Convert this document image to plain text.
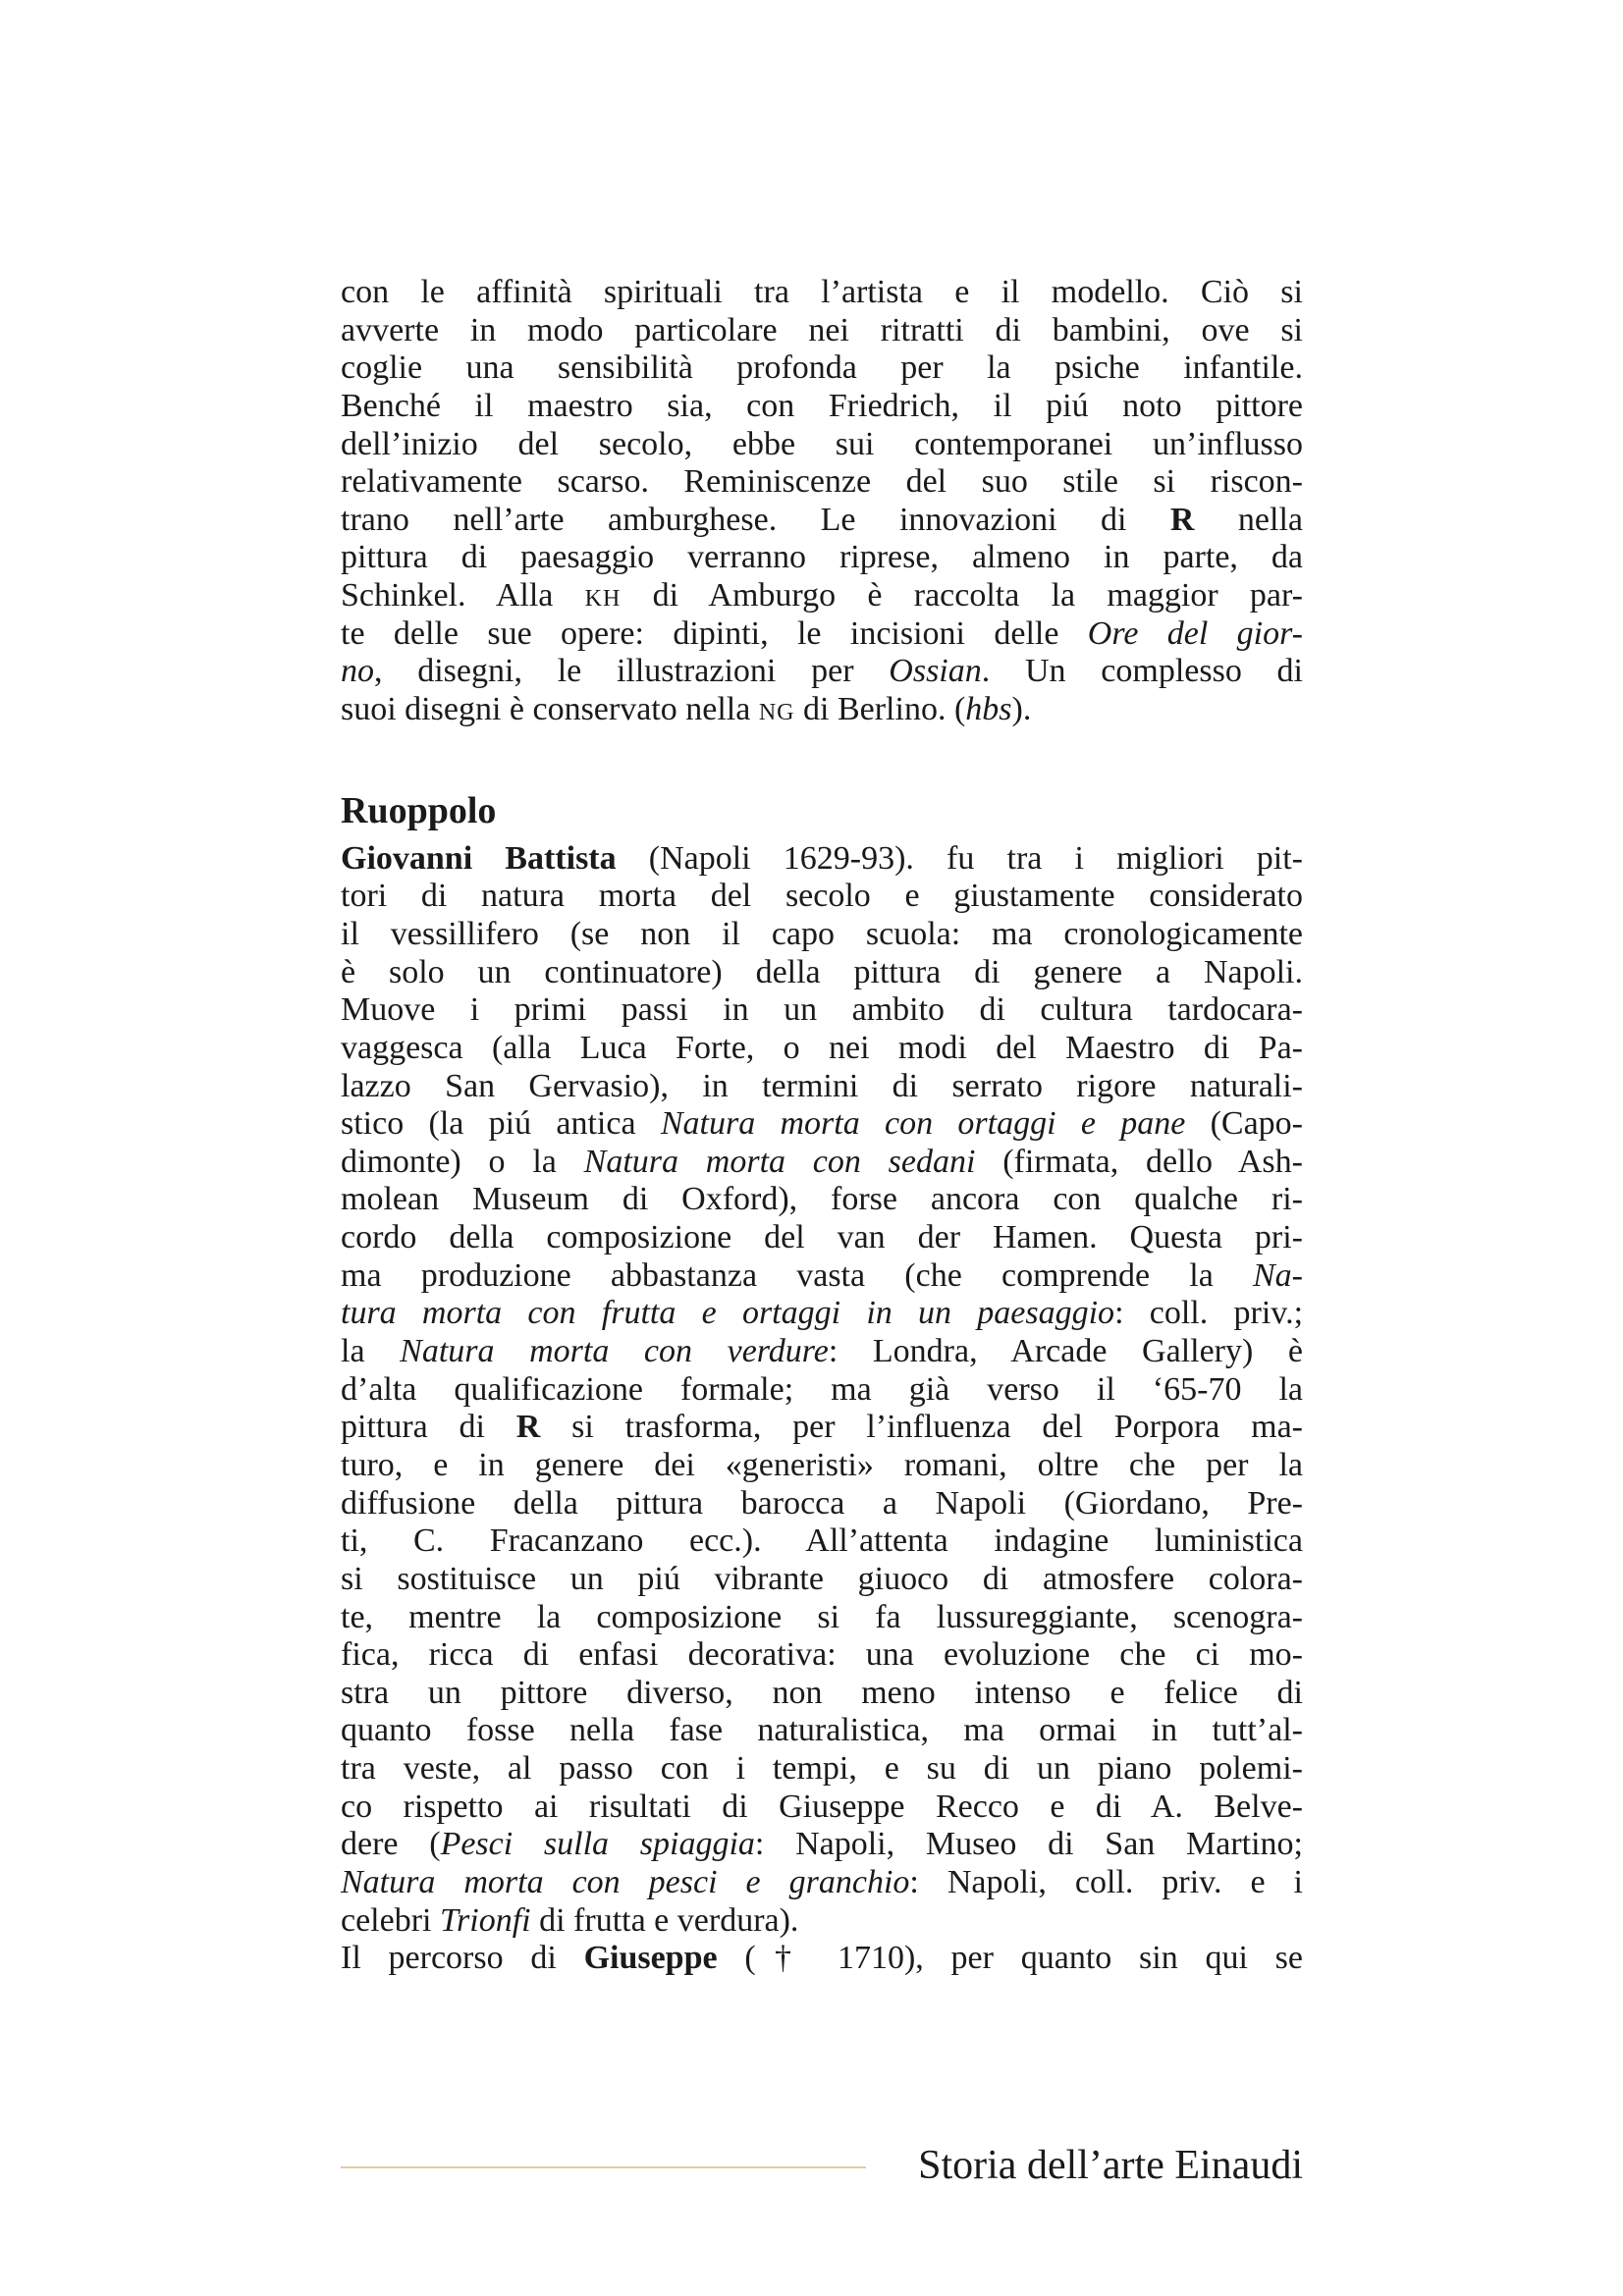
con le affinità spirituali tra l’artista e il modello. Ciò si
avverte in modo particolare nei ritratti di bambini, ove si
coglie una sensibilità profonda per la psiche infantile.
Benché il maestro sia, con Friedrich, il piú noto pittore
dell’inizio del secolo, ebbe sui contemporanei un’influsso
relativamente scarso. Reminiscenze del suo stile si riscon-
trano nell’arte amburghese. Le innovazioni di R nella
pittura di paesaggio verranno riprese, almeno in parte, da
Schinkel. Alla KH di Amburgo è raccolta la maggior par-
te delle sue opere: dipinti, le incisioni delle Ore del gior-
no, disegni, le illustrazioni per Ossian. Un complesso di
suoi disegni è conservato nella NG di Berlino. (hbs).
Ruoppolo
Giovanni Battista (Napoli 1629-93). fu tra i migliori pit-
tori di natura morta del secolo e giustamente considerato
il vessillifero (se non il capo scuola: ma cronologicamente
è solo un continuatore) della pittura di genere a Napoli.
Muove i primi passi in un ambito di cultura tardocara-
vaggesca (alla Luca Forte, o nei modi del Maestro di Pa-
lazzo San Gervasio), in termini di serrato rigore naturali-
stico (la piú antica Natura morta con ortaggi e pane (Capo-
dimonte) o la Natura morta con sedani (firmata, dello Ash-
molean Museum di Oxford), forse ancora con qualche ri-
cordo della composizione del van der Hamen. Questa pri-
ma produzione abbastanza vasta (che comprende la Na-
tura morta con frutta e ortaggi in un paesaggio: coll. priv.;
la Natura morta con verdure: Londra, Arcade Gallery) è
d’alta qualificazione formale; ma già verso il ‘65-70 la
pittura di R si trasforma, per l’influenza del Porpora ma-
turo, e in genere dei «generisti» romani, oltre che per la
diffusione della pittura barocca a Napoli (Giordano, Pre-
ti, C. Fracanzano ecc.). All’attenta indagine luministica
si sostituisce un piú vibrante giuoco di atmosfere colora-
te, mentre la composizione si fa lussureggiante, scenogra-
fica, ricca di enfasi decorativa: una evoluzione che ci mo-
stra un pittore diverso, non meno intenso e felice di
quanto fosse nella fase naturalistica, ma ormai in tutt’al-
tra veste, al passo con i tempi, e su di un piano polemi-
co rispetto ai risultati di Giuseppe Recco e di A. Belve-
dere (Pesci sulla spiaggia: Napoli, Museo di San Martino;
Natura morta con pesci e granchio: Napoli, coll. priv. e i
celebri Trionfi di frutta e verdura).
Il percorso di Giuseppe († 1710), per quanto sin qui se
Storia dell’arte Einaudi
